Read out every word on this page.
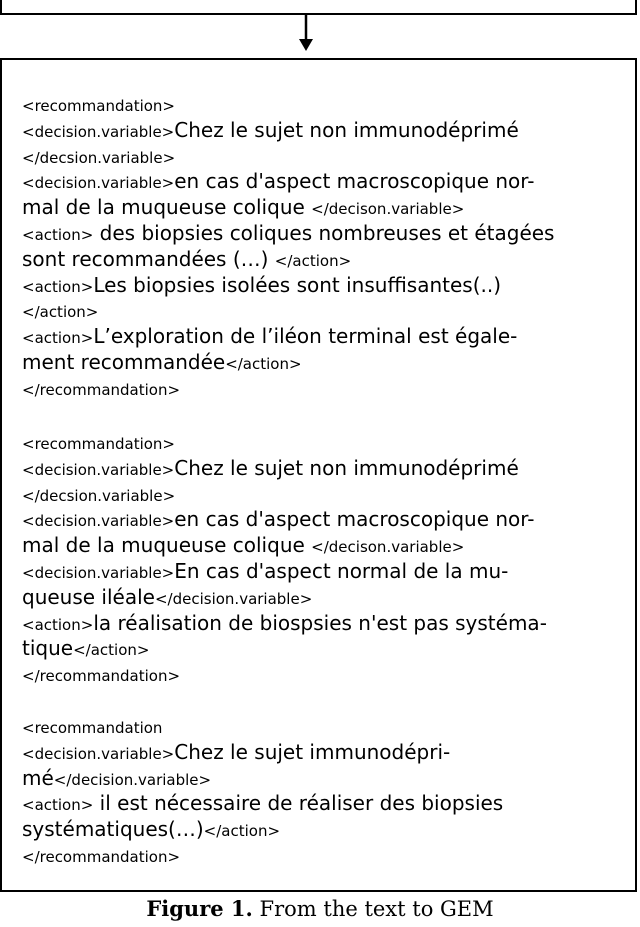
<recommandation>
<decision.variable>Chez le sujet non immunodéprimé
</decsion.variable>
<decision.variable>en cas d'aspect macroscopique nor-
mal de la muqueuse colique </decison.variable>
<action> des biopsies coliques nombreuses et étagées
sont recommandées (…) </action>
<action>Les biopsies isolées sont insuffisantes(..)
</action>
<action>L’exploration de l’iléon terminal est égale-
ment recommandée</action>
</recommandation>
<recommandation>
<decision.variable>Chez le sujet non immunodéprimé
</decsion.variable>
<decision.variable>en cas d'aspect macroscopique nor-
mal de la muqueuse colique </decison.variable>
<decision.variable>En cas d'aspect normal de la mu-
queuse iléale</decision.variable>
<action>la réalisation de biospsies n'est pas systéma-
tique</action>
</recommandation>
<recommandation
<decision.variable>Chez le sujet immunodépri-
mé</decision.variable>
<action> il est nécessaire de réaliser des biopsies
systématiques(…)</action>
</recommandation>
Figure 1. From the text to GEM
